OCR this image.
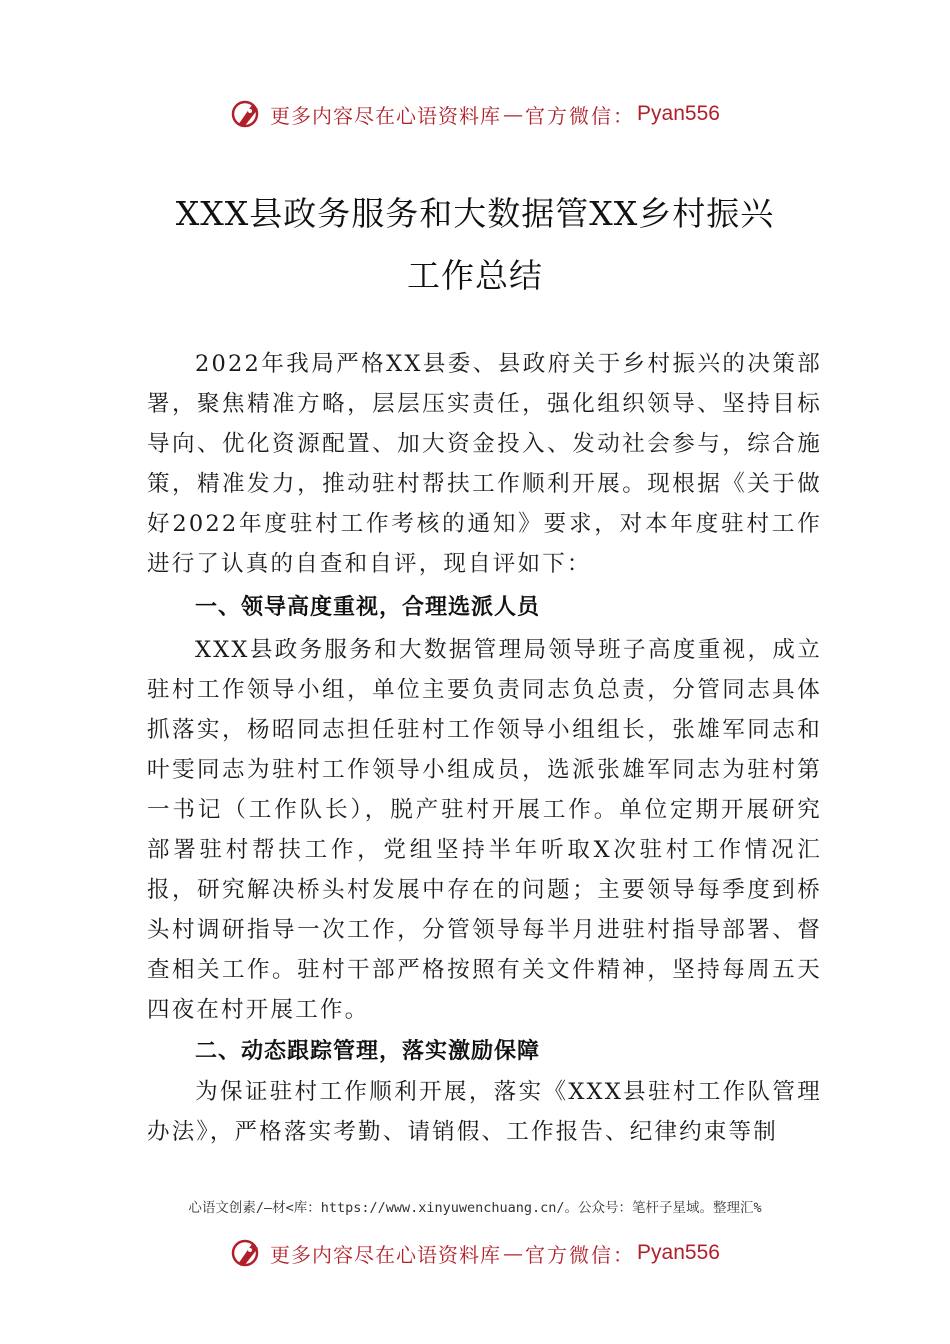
更多内容尽在心语资料库 — 官方微信： Pyan556
XXX县政务服务和大数据管XX乡村振兴
工作总结
2022年我局严格XX县委、县政府关于乡村振兴的决策部署，聚焦精准方略，层层压实责任，强化组织领导、坚持目标导向、优化资源配置、加大资金投入、发动社会参与，综合施策，精准发力，推动驻村帮扶工作顺利开展。现根据《关于做好2022年度驻村工作考核的通知》要求，对本年度驻村工作进行了认真的自查和自评，现自评如下：
一、领导高度重视，合理选派人员
XXX县政务服务和大数据管理局领导班子高度重视，成立驻村工作领导小组，单位主要负责同志负总责，分管同志具体抓落实，杨昭同志担任驻村工作领导小组组长，张雄军同志和叶雯同志为驻村工作领导小组成员，选派张雄军同志为驻村第一书记（工作队长），脱产驻村开展工作。单位定期开展研究部署驻村帮扶工作，党组坚持半年听取X次驻村工作情况汇报，研究解决桥头村发展中存在的问题；主要领导每季度到桥头村调研指导一次工作，分管领导每半月进驻村指导部署、督查相关工作。驻村干部严格按照有关文件精神，坚持每周五天四夜在村开展工作。
二、动态跟踪管理，落实激励保障
为保证驻村工作顺利开展，落实《XXX县驻村工作队管理办法》，严格落实考勤、请销假、工作报告、纪律约束等制
心语文创素/—材<库：https://www.xinyuwenchuang.cn/。公众号：笔杆子星域。整理汇%
更多内容尽在心语资料库 — 官方微信： Pyan556
